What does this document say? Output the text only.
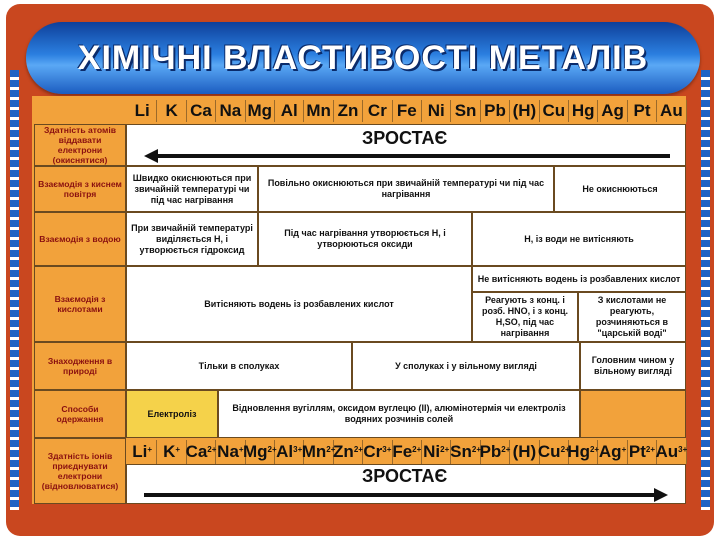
ХІМІЧНІ ВЛАСТИВОСТІ МЕТАЛІВ
Li K Ca Na Mg Al Mn Zn Cr Fe Ni Sn Pb (H) Cu Hg Ag Pt Au
Здатність атомів віддавати електрони (окиснятися)
ЗРОСТАЄ
Взаємодія з киснем повітря
Швидко окиснюються при звичайній температурі чи під час нагрівання
Повільно окиснюються при звичайній температурі чи під час нагрівання
Не окиснюються
Взаємодія з водою
При звичайній температурі виділяється H, і утворюється гідроксид
Під час нагрівання утворюється H, і утворюються оксиди
H, із води не витісняють
Взаємодія з кислотами
Витісняють водень із розбавлених кислот
Не витісняють водень із розбавлених кислот
Реагують з конц. і розб. HNO, і з конц. H,SO, під час нагрівання
З кислотами не реагують, розчиняються в "царській воді"
Знаходження в природі
Тільки в сполуках	У сполуках і у вільному вигляді
Головним чином у вільному вигляді
Способи одержання
Електроліз
Відновлення вугіллям, оксидом вуглецю (ІІ), алюмінотермія чи електроліз водяних розчинів солей
Здатність іонів приєднувати електрони (відновлюватися)
Li+ K+ $Ca^{2+}$ Na+ $Mg^{2+}$ $Al^{3+}$ $Mn^{2+}$
$Zn^{2+}$ $Cr^{3+}$ $Fe^{2+}$ $Ni^{2+}$ $Sn^{2+}$
$Pb^{2+}$ (H) $Cu^{2+}$
$Hg^{2+}$ Ag+ $Pt^{2+}$ $Au^{3+}$
ЗРОСТАЄ
